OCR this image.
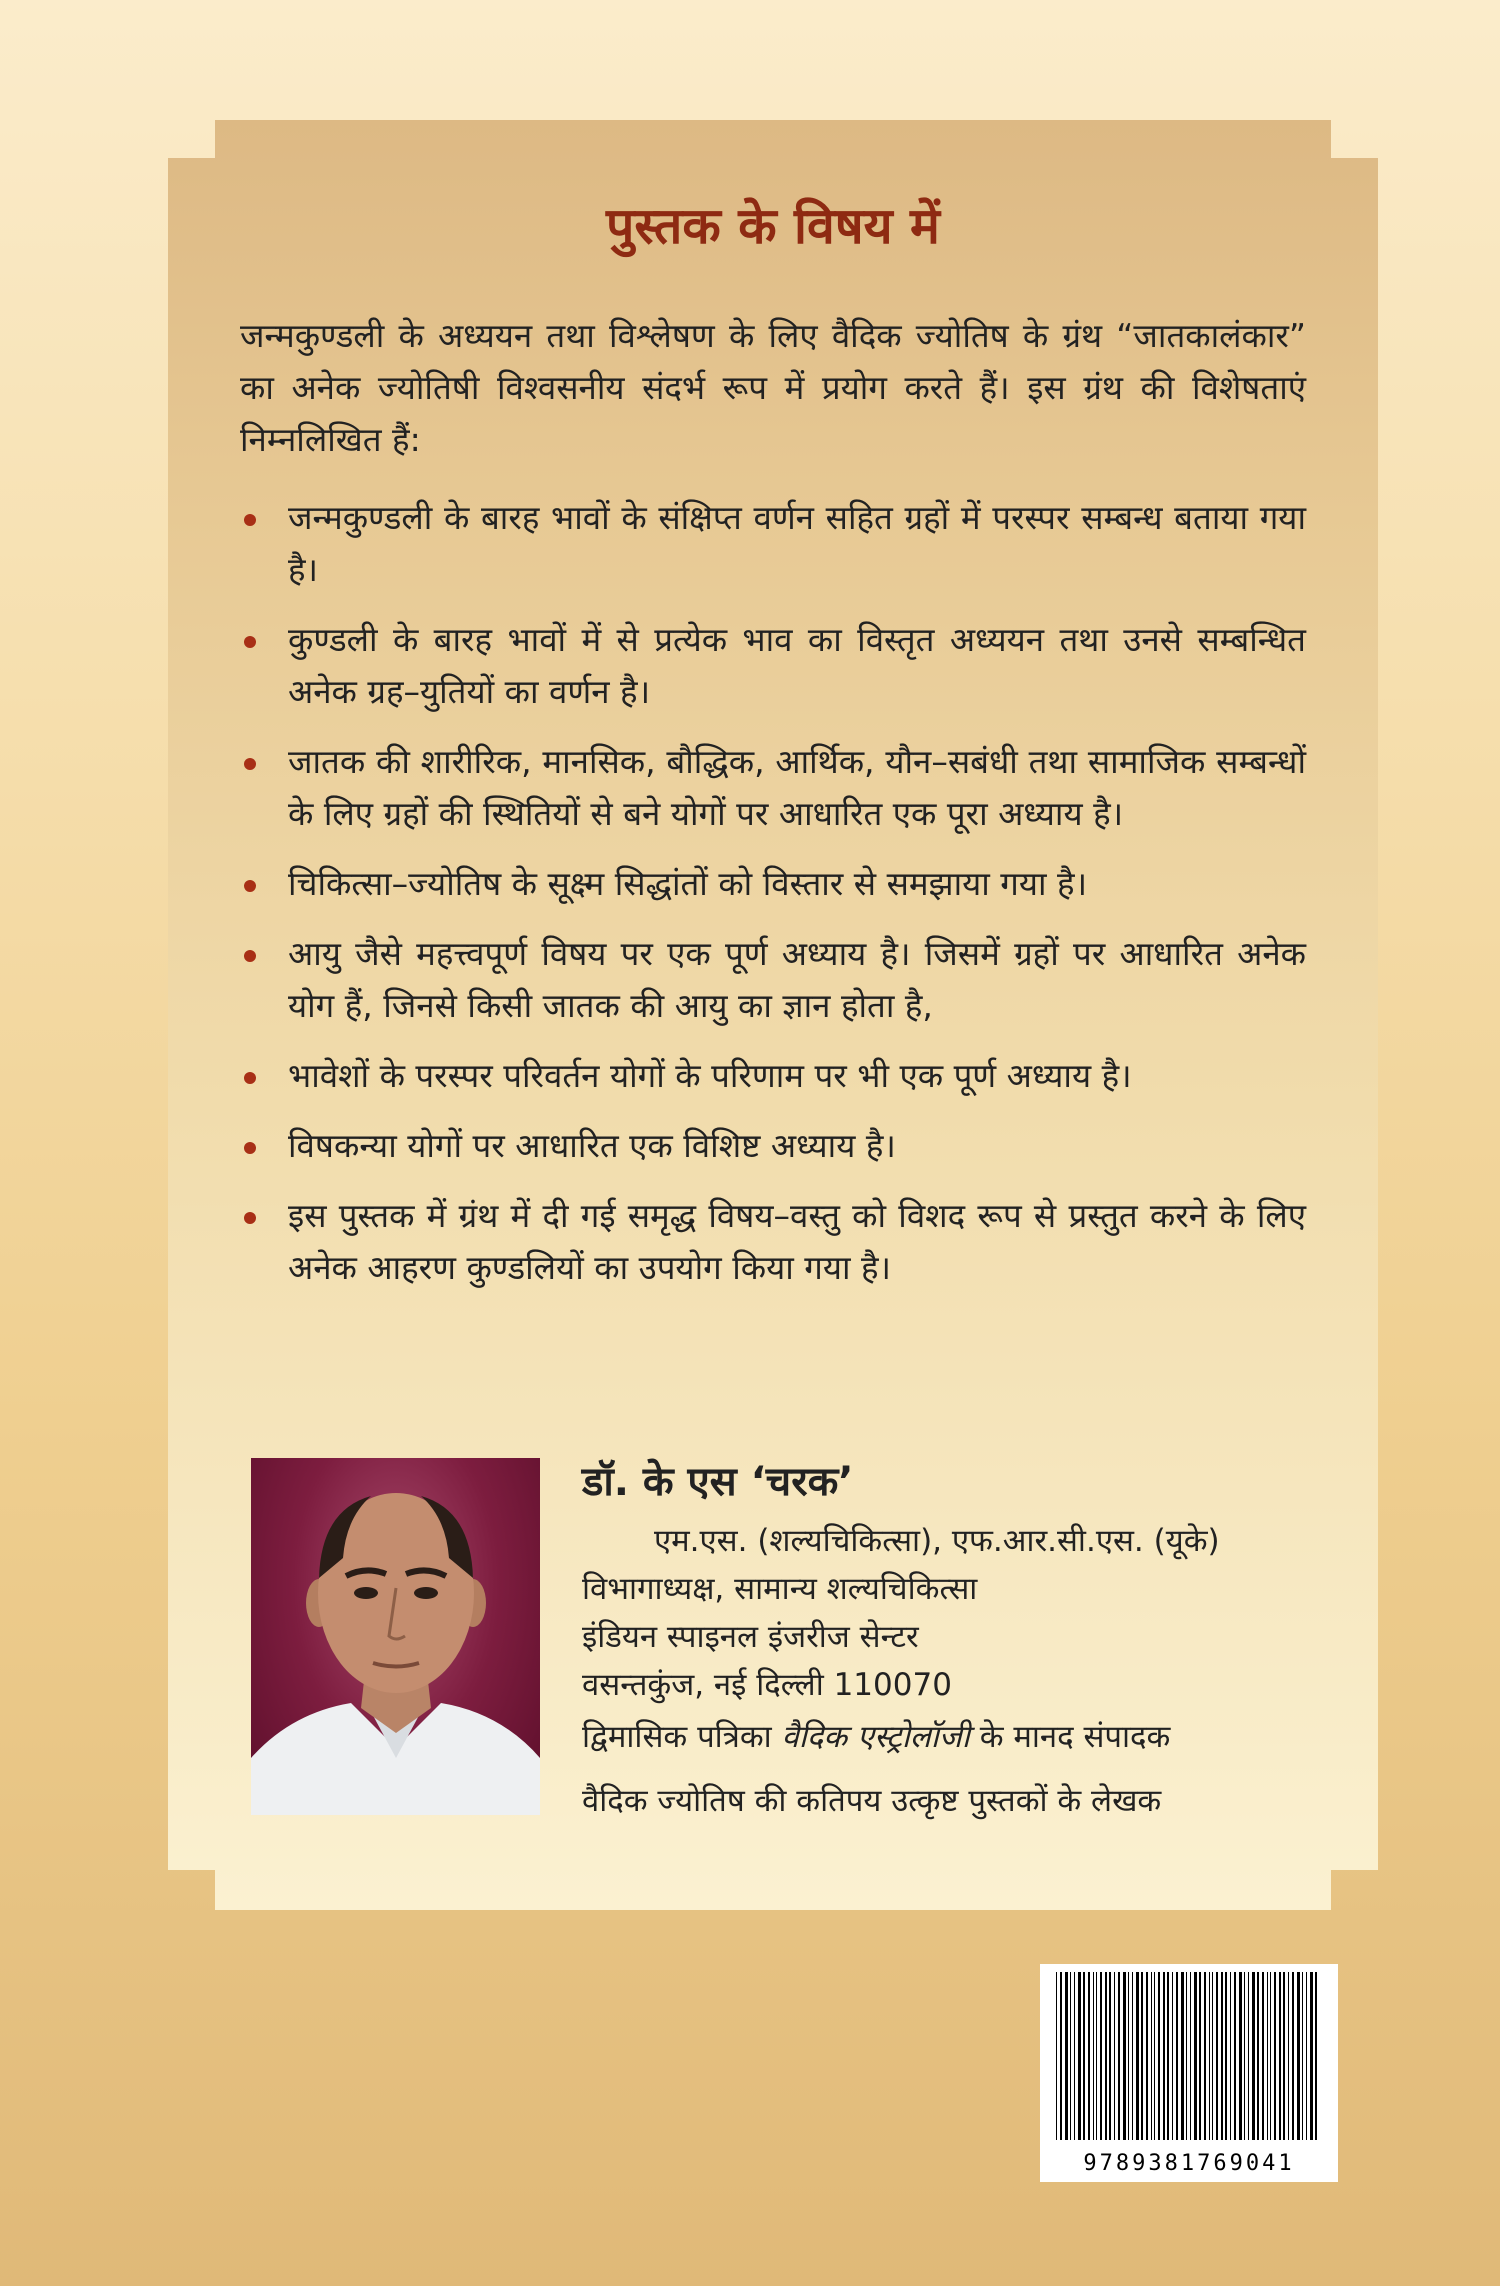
पुस्तक के विषय में

जन्मकुण्डली के अध्ययन तथा विश्लेषण के लिए वैदिक ज्योतिष के ग्रंथ “जातकालंकार” का अनेक ज्योतिषी विश्वसनीय संदर्भ रूप में प्रयोग करते हैं। इस ग्रंथ की विशेषताएं निम्नलिखित हैं:

जन्मकुण्डली के बारह भावों के संक्षिप्त वर्णन सहित ग्रहों में परस्पर सम्बन्ध बताया गया है।
कुण्डली के बारह भावों में से प्रत्येक भाव का विस्तृत अध्ययन तथा उनसे सम्बन्धित अनेक ग्रह–युतियों का वर्णन है।
जातक की शारीरिक, मानसिक, बौद्धिक, आर्थिक, यौन–सबंधी तथा सामाजिक सम्बन्धों के लिए ग्रहों की स्थितियों से बने योगों पर आधारित एक पूरा अध्याय है।
चिकित्सा–ज्योतिष के सूक्ष्म सिद्धांतों को विस्तार से समझाया गया है।
आयु जैसे महत्त्वपूर्ण विषय पर एक पूर्ण अध्याय है। जिसमें ग्रहों पर आधारित अनेक योग हैं, जिनसे किसी जातक की आयु का ज्ञान होता है,
भावेशों के परस्पर परिवर्तन योगों के परिणाम पर भी एक पूर्ण अध्याय है।
विषकन्या योगों पर आधारित एक विशिष्ट अध्याय है।
इस पुस्तक में ग्रंथ में दी गई समृद्ध विषय–वस्तु को विशद रूप से प्रस्तुत करने के लिए अनेक आहरण कुण्डलियों का उपयोग किया गया है।

डॉ. के एस ‘चरक’

एम.एस. (शल्यचिकित्सा), एफ.आर.सी.एस. (यूके)

विभागाध्यक्ष, सामान्य शल्यचिकित्सा

इंडियन स्पाइनल इंजरीज सेन्टर

वसन्तकुंज, नई दिल्ली 110070

द्विमासिक पत्रिका वैदिक एस्ट्रोलॉजी के मानद संपादक

वैदिक ज्योतिष की कतिपय उत्कृष्ट पुस्तकों के लेखक

9789381769041
